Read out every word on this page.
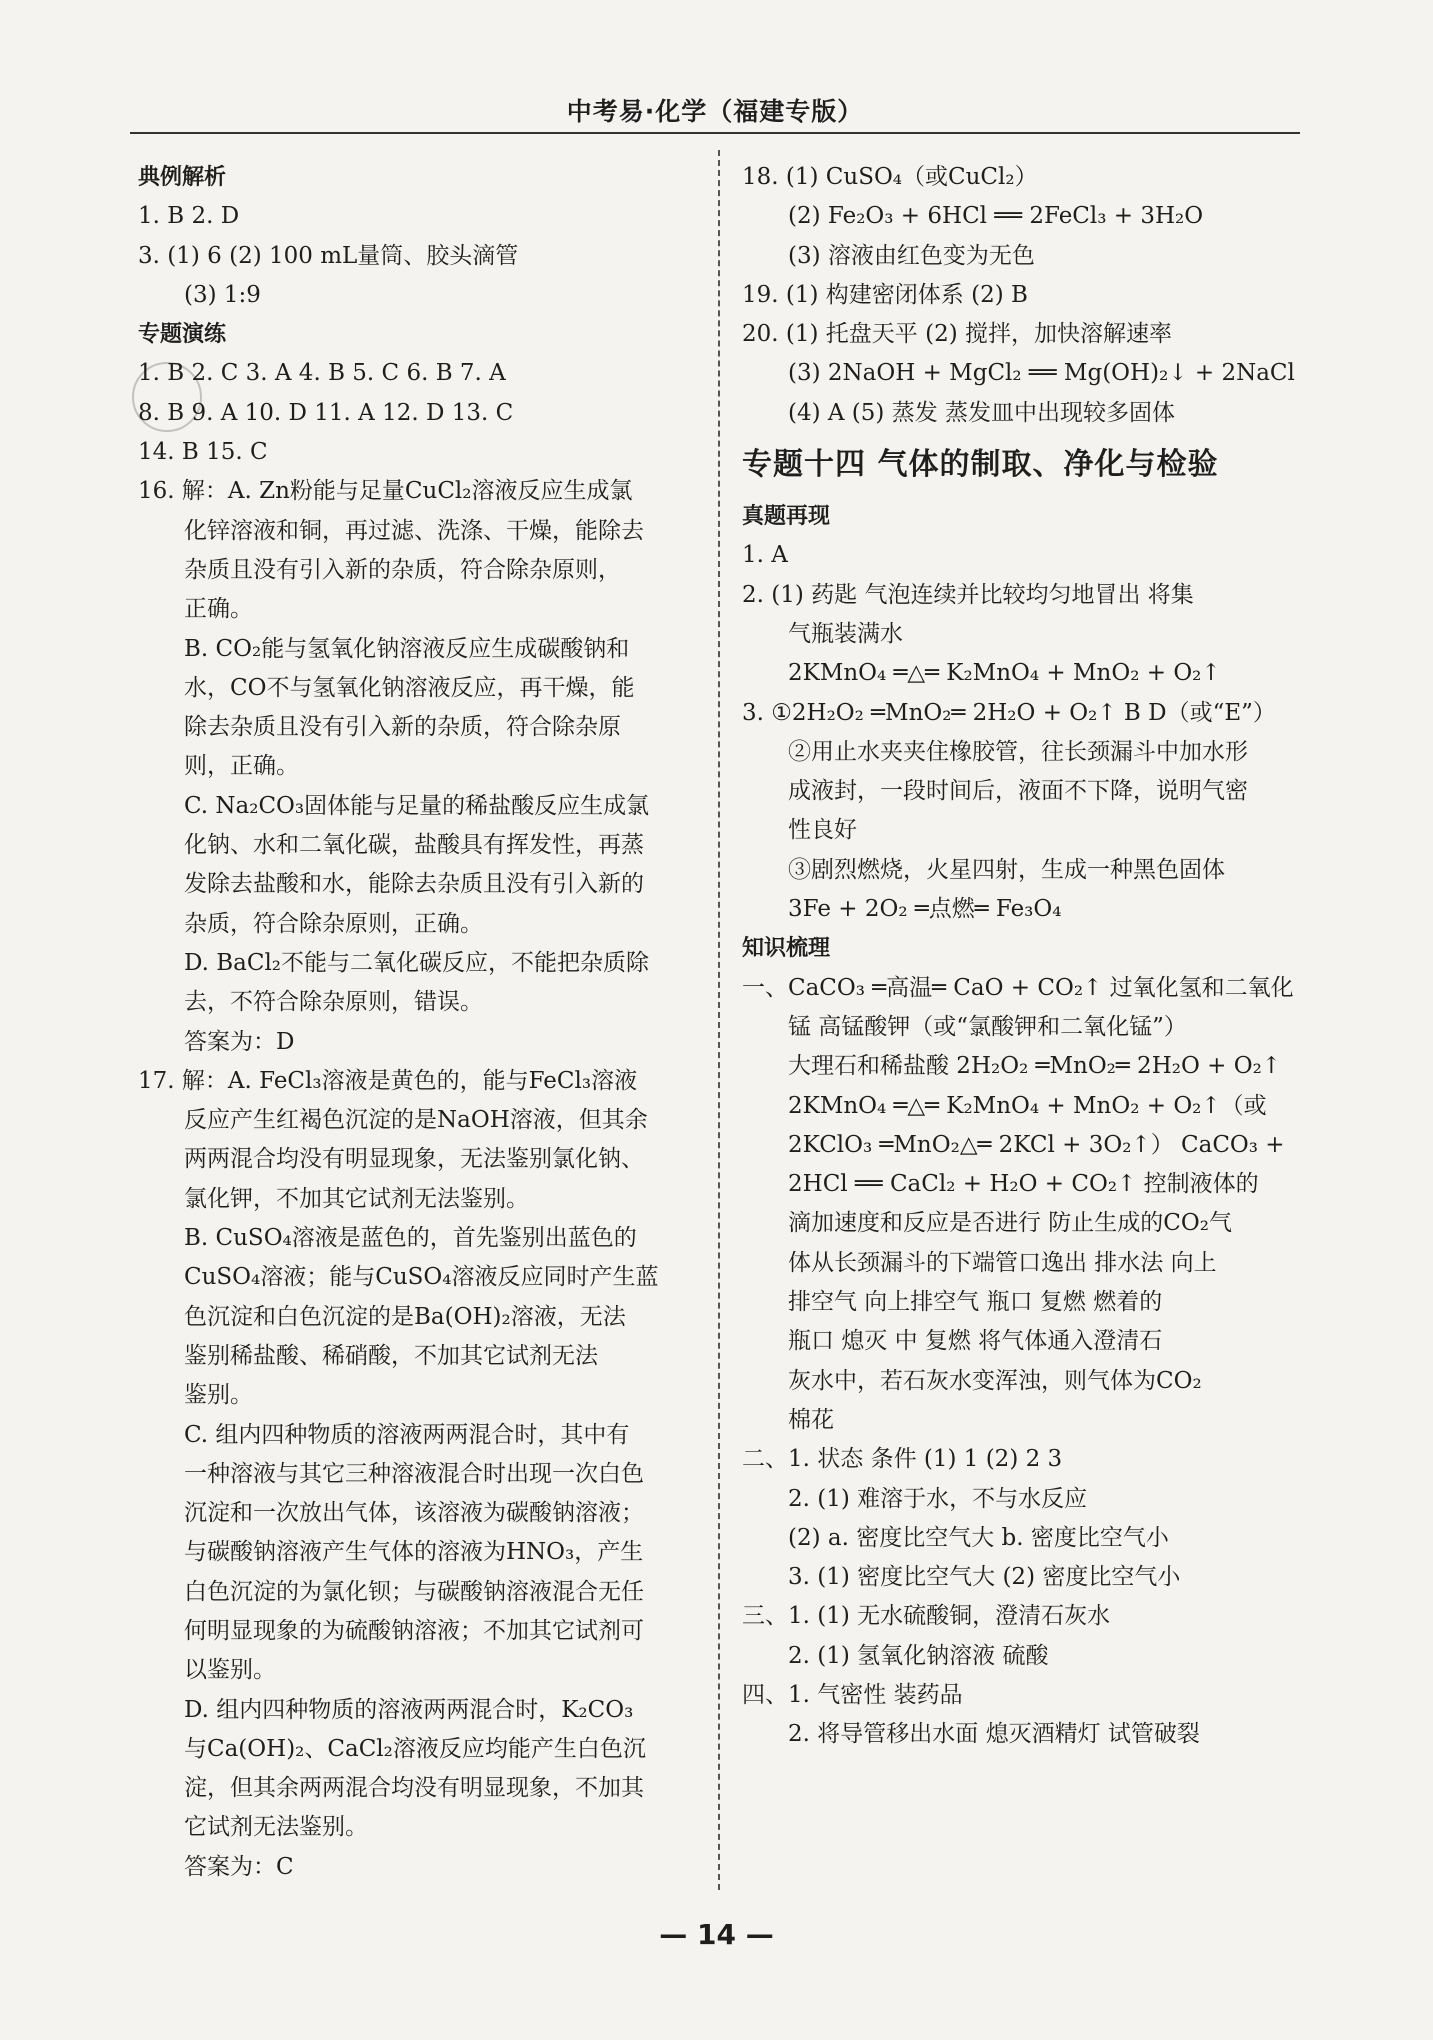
中考易·化学（福建专版）
典例解析
1. B 2. D
3. (1) 6 (2) 100 mL量筒、胶头滴管
(3) 1:9
专题演练
1. B 2. C 3. A 4. B 5. C 6. B 7. A
8. B 9. A 10. D 11. A 12. D 13. C
14. B 15. C
16. 解：A. Zn粉能与足量CuCl₂溶液反应生成氯
化锌溶液和铜，再过滤、洗涤、干燥，能除去
杂质且没有引入新的杂质，符合除杂原则，
正确。
B. CO₂能与氢氧化钠溶液反应生成碳酸钠和
水，CO不与氢氧化钠溶液反应，再干燥，能
除去杂质且没有引入新的杂质，符合除杂原
则，正确。
C. Na₂CO₃固体能与足量的稀盐酸反应生成氯
化钠、水和二氧化碳，盐酸具有挥发性，再蒸
发除去盐酸和水，能除去杂质且没有引入新的
杂质，符合除杂原则，正确。
D. BaCl₂不能与二氧化碳反应，不能把杂质除
去，不符合除杂原则，错误。
答案为：D
17. 解：A. FeCl₃溶液是黄色的，能与FeCl₃溶液
反应产生红褐色沉淀的是NaOH溶液，但其余
两两混合均没有明显现象，无法鉴别氯化钠、
氯化钾，不加其它试剂无法鉴别。
B. CuSO₄溶液是蓝色的，首先鉴别出蓝色的
CuSO₄溶液；能与CuSO₄溶液反应同时产生蓝
色沉淀和白色沉淀的是Ba(OH)₂溶液，无法
鉴别稀盐酸、稀硝酸，不加其它试剂无法
鉴别。
C. 组内四种物质的溶液两两混合时，其中有
一种溶液与其它三种溶液混合时出现一次白色
沉淀和一次放出气体，该溶液为碳酸钠溶液；
与碳酸钠溶液产生气体的溶液为HNO₃，产生
白色沉淀的为氯化钡；与碳酸钠溶液混合无任
何明显现象的为硫酸钠溶液；不加其它试剂可
以鉴别。
D. 组内四种物质的溶液两两混合时，K₂CO₃
与Ca(OH)₂、CaCl₂溶液反应均能产生白色沉
淀，但其余两两混合均没有明显现象，不加其
它试剂无法鉴别。
答案为：C
18. (1) CuSO₄（或CuCl₂）
(2) Fe₂O₃ + 6HCl ══ 2FeCl₃ + 3H₂O
(3) 溶液由红色变为无色
19. (1) 构建密闭体系 (2) B
20. (1) 托盘天平 (2) 搅拌，加快溶解速率
(3) 2NaOH + MgCl₂ ══ Mg(OH)₂↓ + 2NaCl
(4) A (5) 蒸发 蒸发皿中出现较多固体
专题十四 气体的制取、净化与检验
真题再现
1. A
2. (1) 药匙 气泡连续并比较均匀地冒出 将集
气瓶装满水
2KMnO₄ ═△═ K₂MnO₄ + MnO₂ + O₂↑
3. ①2H₂O₂ ═MnO₂═ 2H₂O + O₂↑ B D（或“E”）
②用止水夹夹住橡胶管，往长颈漏斗中加水形
成液封，一段时间后，液面不下降，说明气密
性良好
③剧烈燃烧，火星四射，生成一种黑色固体
3Fe + 2O₂ ═点燃═ Fe₃O₄
知识梳理
一、CaCO₃ ═高温═ CaO + CO₂↑ 过氧化氢和二氧化
锰 高锰酸钾（或“氯酸钾和二氧化锰”）
大理石和稀盐酸 2H₂O₂ ═MnO₂═ 2H₂O + O₂↑
2KMnO₄ ═△═ K₂MnO₄ + MnO₂ + O₂↑（或
2KClO₃ ═MnO₂△═ 2KCl + 3O₂↑） CaCO₃ +
2HCl ══ CaCl₂ + H₂O + CO₂↑ 控制液体的
滴加速度和反应是否进行 防止生成的CO₂气
体从长颈漏斗的下端管口逸出 排水法 向上
排空气 向上排空气 瓶口 复燃 燃着的
瓶口 熄灭 中 复燃 将气体通入澄清石
灰水中，若石灰水变浑浊，则气体为CO₂
棉花
二、1. 状态 条件 (1) 1 (2) 2 3
2. (1) 难溶于水，不与水反应
(2) a. 密度比空气大 b. 密度比空气小
3. (1) 密度比空气大 (2) 密度比空气小
三、1. (1) 无水硫酸铜，澄清石灰水
2. (1) 氢氧化钠溶液 硫酸
四、1. 气密性 装药品
2. 将导管移出水面 熄灭酒精灯 试管破裂
— 14 —
